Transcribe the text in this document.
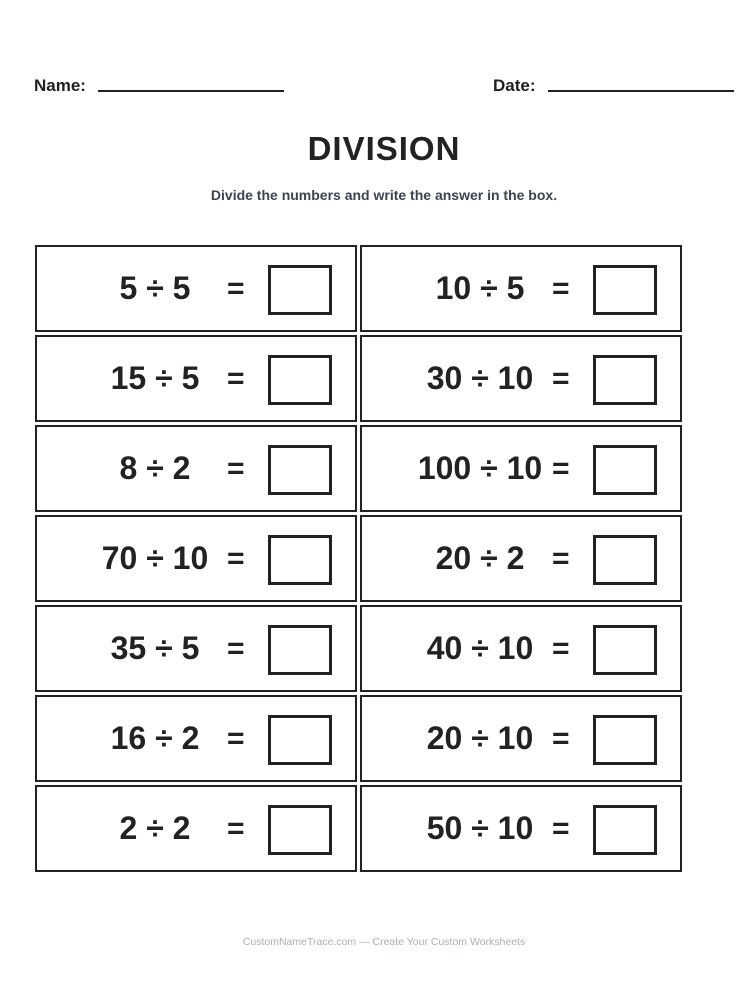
Name:	Date:
DIVISION

Divide the numbers and write the answer in the box.

5 ÷ 5	=	10 ÷ 5 =
15 ÷ 5 =	30 ÷ 10 =
8 ÷ 2	=	100 ÷ 10 =
70 ÷ 10 =	20 ÷ 2 =
35 ÷ 5 =	40 ÷ 10 =
16 ÷ 2 =	20 ÷ 10 =
2 ÷ 2	=	50 ÷ 10 =

CustomNameTrace.com — Create Your Custom Worksheets
